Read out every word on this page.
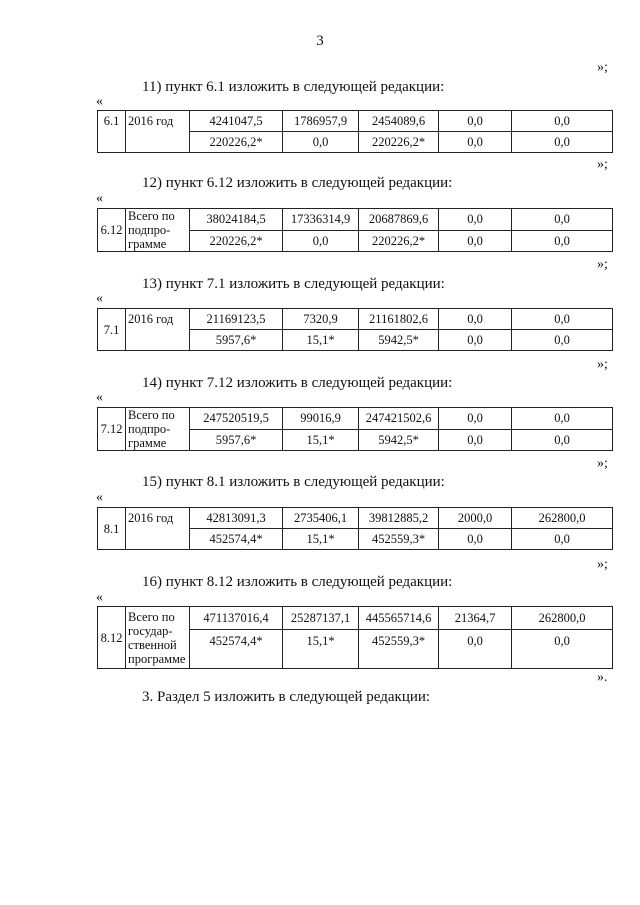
3
»;
11) пункт 6.1 изложить в следующей редакции:
«
6.1	2016 год	4241047,5	1786957,9	2454089,6	0,0	0,0
		220226,2*	0,0	220226,2*	0,0	0,0
»;
12) пункт 6.12 изложить в следующей редакции:
«
6.12	Всего по
подпро-
грамме	38024184,5	17336314,9	20687869,6	0,0	0,0
		220226,2*	0,0	220226,2*	0,0	0,0
»;
13) пункт 7.1 изложить в следующей редакции:
«
7.1	2016 год	21169123,5	7320,9	21161802,6	0,0	0,0
		5957,6*	15,1*	5942,5*	0,0	0,0
»;
14) пункт 7.12 изложить в следующей редакции:
«
7.12	Всего по
подпро-
грамме	247520519,5	99016,9	247421502,6	0,0	0,0
		5957,6*	15,1*	5942,5*	0,0	0,0
»;
15) пункт 8.1 изложить в следующей редакции:
«
8.1	2016 год	42813091,3	2735406,1	39812885,2	2000,0	262800,0
		452574,4*	15,1*	452559,3*	0,0	0,0
»;
16) пункт 8.12 изложить в следующей редакции:
«
8.12	Всего по
государ-
ственной
программе	471137016,4	25287137,1	445565714,6	21364,7	262800,0
		452574,4*	15,1*	452559,3*	0,0	0,0
».
3. Раздел 5 изложить в следующей редакции:
